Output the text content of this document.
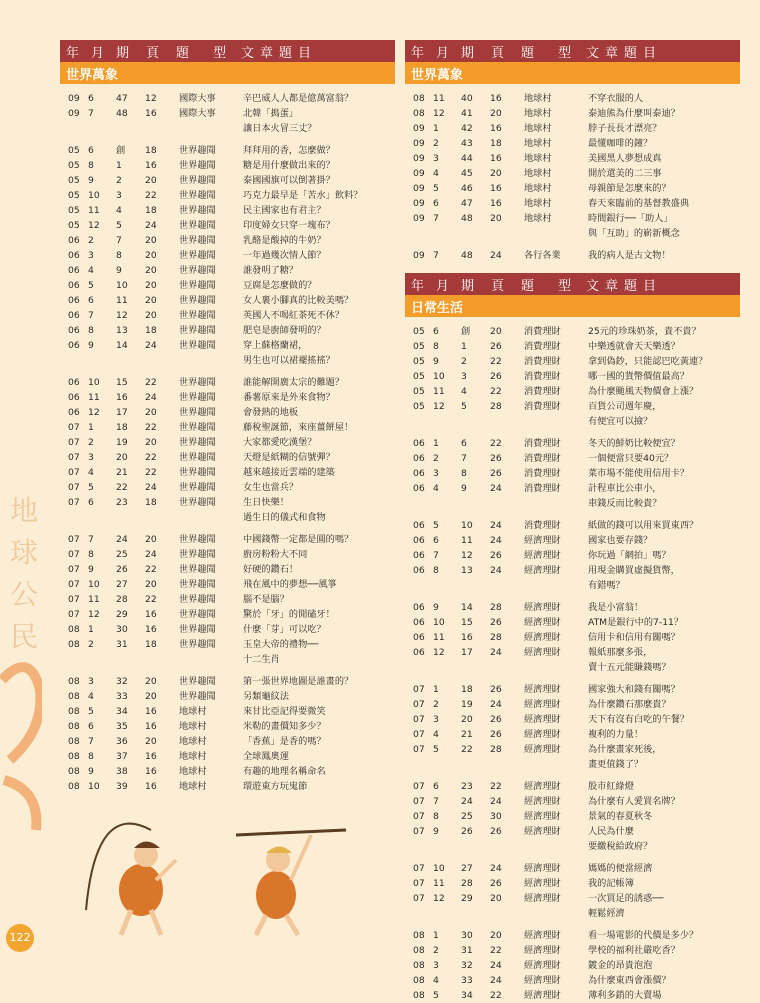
地
球
公
民
年 月 期	頁	題 型 文章題目
世界萬象
09 6	47	12	國際大事	辛巴威人人都是億萬富翁？
09 7	48	16	國際大事	北韓「搗蛋」
讓日本火冒三丈？
05 6	創	18	世界趣聞	拜拜用的香，怎麼做？
05 8	1	16	世界趣聞	糖是用什麼做出來的？
05 9	2	20	世界趣聞	泰國國旗可以倒著掛？
05 10	3	22	世界趣聞	巧克力最早是「苦水」飲料？
05 11	4	18	世界趣聞	民主國家也有君主？
05 12	5	24	世界趣聞	印度婦女只穿一塊布？
06 2	7	20	世界趣聞	乳酪是酸掉的牛奶？
06 3	8	20	世界趣聞	一年過幾次情人節？
06 4	9	20	世界趣聞	誰發明了糖？
06 5	10	20	世界趣聞	豆腐是怎麼做的？
06 6	11	20	世界趣聞	女人裹小腳真的比較美嗎？
06 7	12	20	世界趣聞	英國人不喝紅茶死不休？
06 8	13	18	世界趣聞	肥皂是廚師發明的？
06 9	14	24	世界趣聞	穿上蘇格蘭裙，
男生也可以裙襬搖搖？
06 10	15	22	世界趣聞	誰能解開廣太宗的難題？
06 11	16	24	世界趣聞	番薯原來是外來食物？
06 12	17	20	世界趣聞	會發熱的地板
07 1	18	22	世界趣聞	藤稅聖誕節，來座薑餅屋！
07 2	19	20	世界趣聞	大家都愛吃漢堡？
07 3	20	22	世界趣聞	天燈是紙糊的信號彈？
07 4	21	22	世界趣聞	越來越接近雲端的建築
07 5	22	24	世界趣聞	女生也當兵？
07 6	23	18	世界趣聞	生日快樂！
過生日的儀式和食物
07 7	24	20	世界趣聞	中國錢幣一定都是圓的嗎？
07 8	25	24	世界趣聞	廚房粉粉大不同
07 9	26	22	世界趣聞	好硬的鑽石！
07 10	27	20	世界趣聞	飛在風中的夢想──風箏
07 11	28	22	世界趣聞	腦不是腦？
07 12	29	16	世界趣聞	驚於「牙」的閒磕牙！
08 1	30	16	世界趣聞	什麼「芽」可以吃？
08 2	31	18	世界趣聞	玉皇大帝的禮物──
十二生肖
08 3	32	20	世界趣聞	第一張世界地圖是誰畫的？
08 4	33	20	世界趣聞	另類龜紋法
08 5	34	16	地球村	來甘比亞記得要微笑
08 6	35	16	地球村	米勒的畫價知多少？
08 7	36	20	地球村	「香蕉」是香的嗎？
08 8	37	16	地球村	全球鳳奧運
08 9	38	16	地球村	有趣的地理名稱命名
08 10	39	16	地球村	環遊東方玩鬼節
年 月 期	頁	題 型 文章題目
世界萬象
08 11	40	16	地球村	不穿衣服的人
08 12	41	20	地球村	泰迪熊為什麼叫泰迪？
09 1	42	16	地球村	脖子長長才漂亮？
09 2	43	18	地球村	最懂咖啡的鐘？
09 3	44	16	地球村	美國黑人夢想成真
09 4	45	20	地球村	開於還美的二三事
09 5	46	16	地球村	母親節是怎麼來的？
09 6	47	16	地球村	春天來臨前的基督教盛典
09 7	48	20	地球村	時間銀行──「助人」
與「互助」的嶄新概念
09 7	48	24	各行各業	我的病人是古文物！
年 月 期	頁	題 型 文章題目
日常生活
05 6	創	20	消費理財	25元的珍珠奶茶，貴不貴？
05 8	1	26	消費理財	中樂透就會天天樂透？
05 9	2	22	消費理財	拿到偽鈔，只能認巴吃黃連？
05 10	3	26	消費理財	哪一國的貨幣價值最高？
05 11	4	22	消費理財	為什麼颱風天物價會上漲？
05 12	5	28	消費理財	百貨公司週年慶，
有便宜可以撿？
06 1	6	22	消費理財	冬天的鮮奶比較便宜？
06 2	7	26	消費理財	一個便當只要40元？
06 3	8	26	消費理財	菜市場不能使用信用卡？
06 4	9	24	消費理財	計程車比公車小，
車錢反而比較貴？
06 5	10	24	消費理財	紙做的錢可以用來買東西？
06 6	11	24	經濟理財	國家也要存錢？
06 7	12	26	經濟理財	你玩過「網拍」嗎？
06 8	13	24	經濟理財	用現金購買虛擬貨幣，
有錯嗎？
06 9	14	28	經濟理財	我是小富翁！
06 10	15	26	經濟理財	ATM是銀行中的7-11？
06 11	16	28	經濟理財	信用卡和信用有關嗎？
06 12	17	24	經濟理財	報紙那麼多張，
賣十五元能賺錢嗎？
07 1	18	26	經濟理財	國家強大和錢有關嗎？
07 2	19	24	經濟理財	為什麼鑽石那麼貴？
07 3	20	26	經濟理財	天下有沒有白吃的午餐？
07 4	21	26	經濟理財	複利的力量！
07 5	22	28	經濟理財	為什麼畫家死後，
畫更值錢了？
07 6	23	22	經濟理財	股市紅綠燈
07 7	24	24	經濟理財	為什麼有人愛買名牌？
07 8	25	30	經濟理財	景氣的春夏秋冬
07 9	26	26	經濟理財	人民為什麼
要繳稅給政府？
07 10	27	24	經濟理財	媽媽的便當經濟
07 11	28	26	經濟理財	我的記帳簿
07 12	29	20	經濟理財	一次買足的誘惑──
輕鬆經濟
08 1	30	20	經濟理財	看一場電影的代價是多少？
08 2	31	22	經濟理財	學校的福利社嚴吃香？
08 3	32	24	經濟理財	鍍金的昂貴泡泡
08 4	33	24	經濟理財	為什麼東西會漲價？
08 5	34	22	經濟理財	薄利多銷的大賣場
122
